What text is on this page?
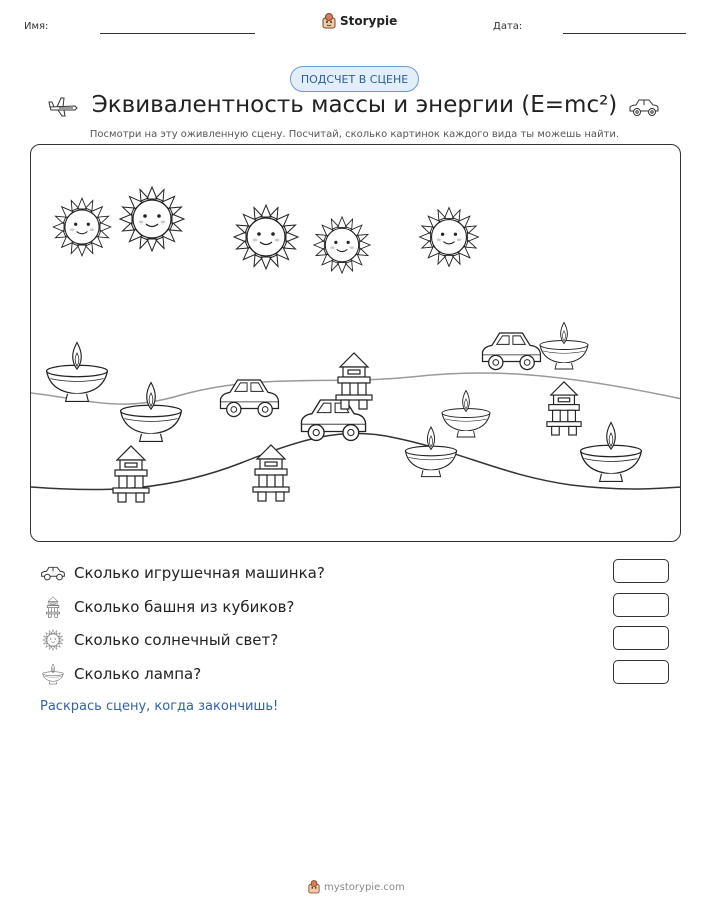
Имя:	Storypie	Дата:
ПОДСЧЕТ В СЦЕНЕ
Эквивалентность массы и энергии (E=mc²)
Посмотри на эту оживленную сцену. Посчитай, сколько картинок каждого вида ты можешь найти.
Сколько игрушечная машинка?
Сколько башня из кубиков?
Сколько солнечный свет?
Сколько лампа?
Раскрась сцену, когда закончишь!
mystorypie.com
